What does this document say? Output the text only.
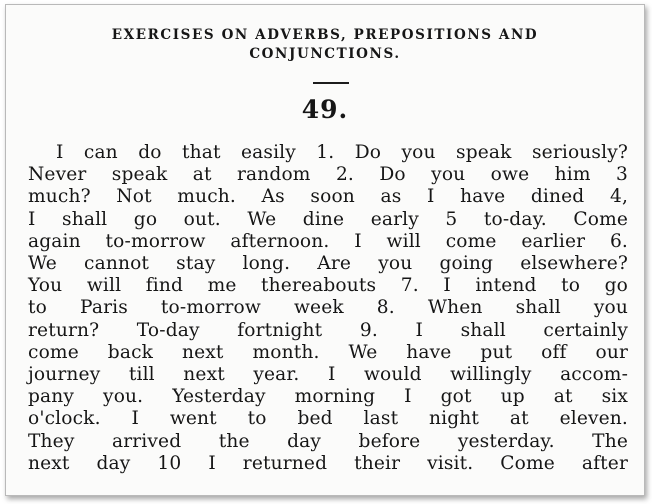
EXERCISES ON ADVERBS, PREPOSITIONS AND
CONJUNCTIONS.
49.
I can do that easily 1. Do you speak seriously?
Never speak at random 2. Do you owe him 3
much? Not much. As soon as I have dined 4,
I shall go out. We dine early 5 to-day. Come
again to-morrow afternoon. I will come earlier 6.
We cannot stay long. Are you going elsewhere?
You will find me thereabouts 7. I intend to go
to Paris to-morrow week 8. When shall you
return? To-day fortnight 9. I shall certainly
come back next month. We have put off our
journey till next year. I would willingly accom-
pany you. Yesterday morning I got up at six
o'clock. I went to bed last night at eleven.
They arrived the day before yesterday. The
next day 10 I returned their visit. Come after
